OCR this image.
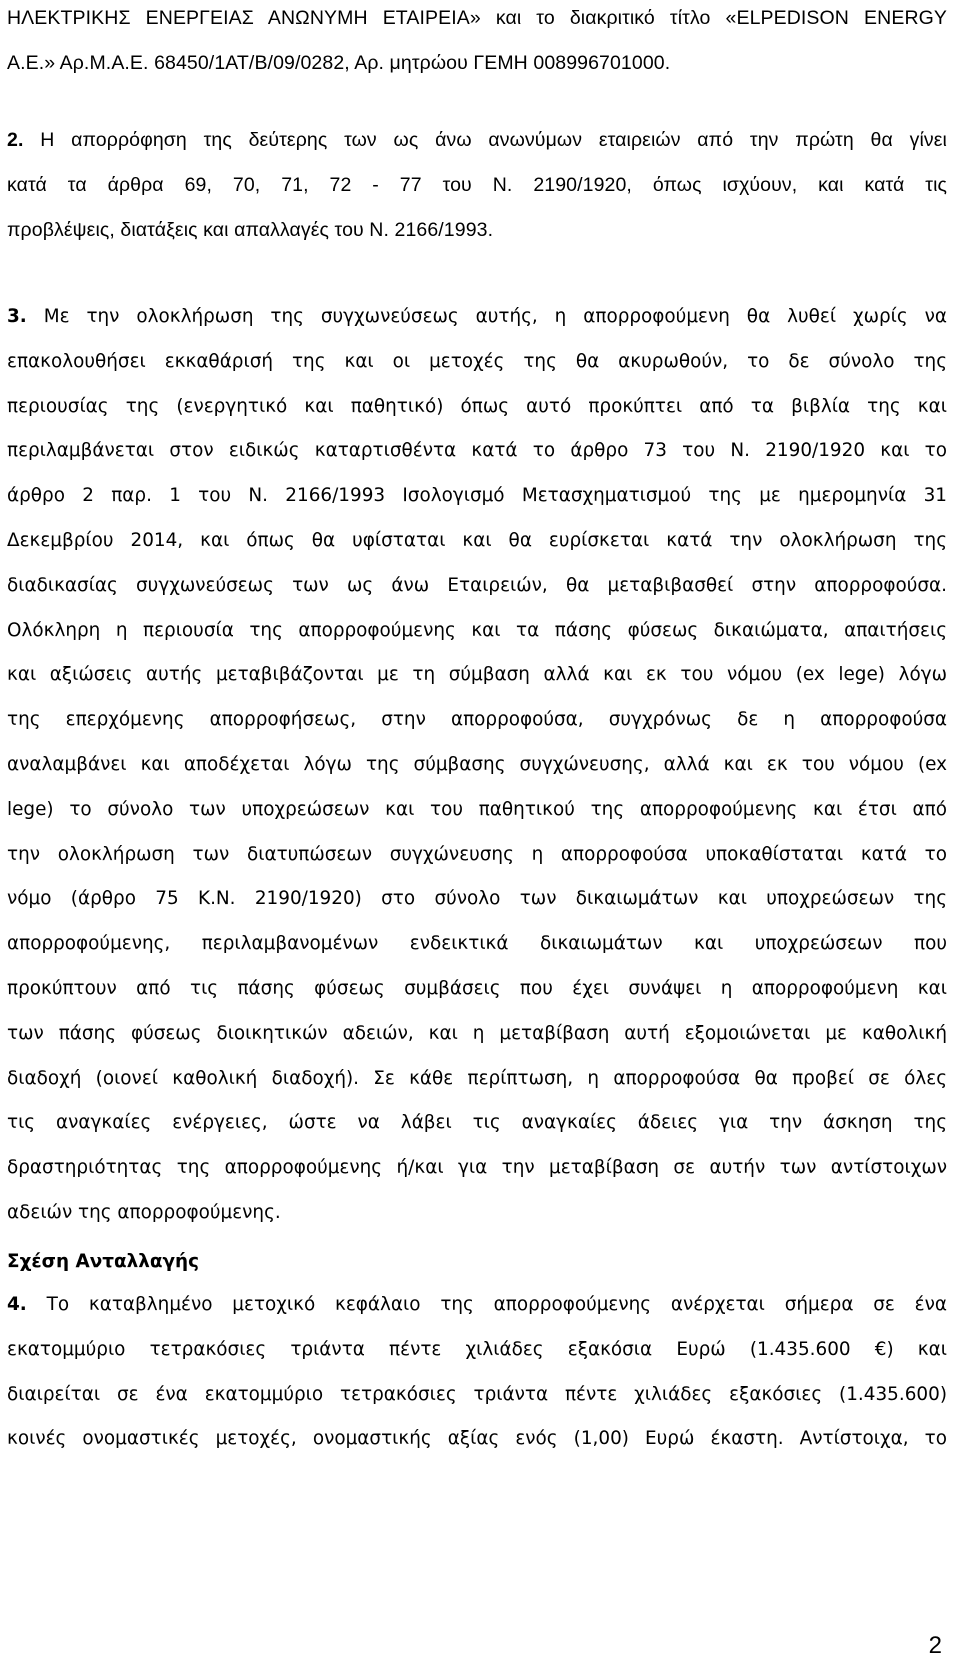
ΗΛΕΚΤΡΙΚΗΣ ΕΝΕΡΓΕΙΑΣ ΑΝΩΝΥΜΗ ΕΤΑΙΡΕΙΑ» και το διακριτικό τίτλο «ELPEDISON ENERGY
Α.Ε.» Αρ.Μ.Α.Ε. 68450/1ΑΤ/Β/09/0282, Αρ. μητρώου ΓΕΜΗ 008996701000.
2. Η απορρόφηση της δεύτερης των ως άνω ανωνύμων εταιρειών από την πρώτη θα γίνει
κατά τα άρθρα 69, 70, 71, 72 - 77 του Ν. 2190/1920, όπως ισχύουν, και κατά τις
προβλέψεις, διατάξεις και απαλλαγές του Ν. 2166/1993.
3. Με την ολοκλήρωση της συγχωνεύσεως αυτής, η απορροφούμενη θα λυθεί χωρίς να
επακολουθήσει εκκαθάρισή της και οι μετοχές της θα ακυρωθούν, το δε σύνολο της
περιουσίας της (ενεργητικό και παθητικό) όπως αυτό προκύπτει από τα βιβλία της και
περιλαμβάνεται στον ειδικώς καταρτισθέντα κατά το άρθρο 73 του Ν. 2190/1920 και το
άρθρο 2 παρ. 1 του Ν. 2166/1993 Ισολογισμό Μετασχηματισμού της με ημερομηνία 31
Δεκεμβρίου 2014, και όπως θα υφίσταται και θα ευρίσκεται κατά την ολοκλήρωση της
διαδικασίας συγχωνεύσεως των ως άνω Εταιρειών, θα μεταβιβασθεί στην απορροφούσα.
Ολόκληρη η περιουσία της απορροφούμενης και τα πάσης φύσεως δικαιώματα, απαιτήσεις
και αξιώσεις αυτής μεταβιβάζονται με τη σύμβαση αλλά και εκ του νόμου (ex lege) λόγω
της επερχόμενης απορροφήσεως, στην απορροφούσα, συγχρόνως δε η απορροφούσα
αναλαμβάνει και αποδέχεται λόγω της σύμβασης συγχώνευσης, αλλά και εκ του νόμου (ex
lege) το σύνολο των υποχρεώσεων και του παθητικού της απορροφούμενης και έτσι από
την ολοκλήρωση των διατυπώσεων συγχώνευσης η απορροφούσα υποκαθίσταται κατά το
νόμο (άρθρο 75 Κ.Ν. 2190/1920) στο σύνολο των δικαιωμάτων και υποχρεώσεων της
απορροφούμενης, περιλαμβανομένων ενδεικτικά δικαιωμάτων και υποχρεώσεων που
προκύπτουν από τις πάσης φύσεως συμβάσεις που έχει συνάψει η απορροφούμενη και
των πάσης φύσεως διοικητικών αδειών, και η μεταβίβαση αυτή εξομοιώνεται με καθολική
διαδοχή (οιονεί καθολική διαδοχή). Σε κάθε περίπτωση, η απορροφούσα θα προβεί σε όλες
τις αναγκαίες ενέργειες, ώστε να λάβει τις αναγκαίες άδειες για την άσκηση της
δραστηριότητας της απορροφούμενης ή/και για την μεταβίβαση σε αυτήν των αντίστοιχων
αδειών της απορροφούμενης.
Σχέση Ανταλλαγής
4. Το καταβλημένο μετοχικό κεφάλαιο της απορροφούμενης ανέρχεται σήμερα σε ένα
εκατομμύριο τετρακόσιες τριάντα πέντε χιλιάδες εξακόσια Ευρώ (1.435.600 €) και
διαιρείται σε ένα εκατομμύριο τετρακόσιες τριάντα πέντε χιλιάδες εξακόσιες (1.435.600)
κοινές ονομαστικές μετοχές, ονομαστικής αξίας ενός (1,00) Ευρώ έκαστη. Αντίστοιχα, το
2
